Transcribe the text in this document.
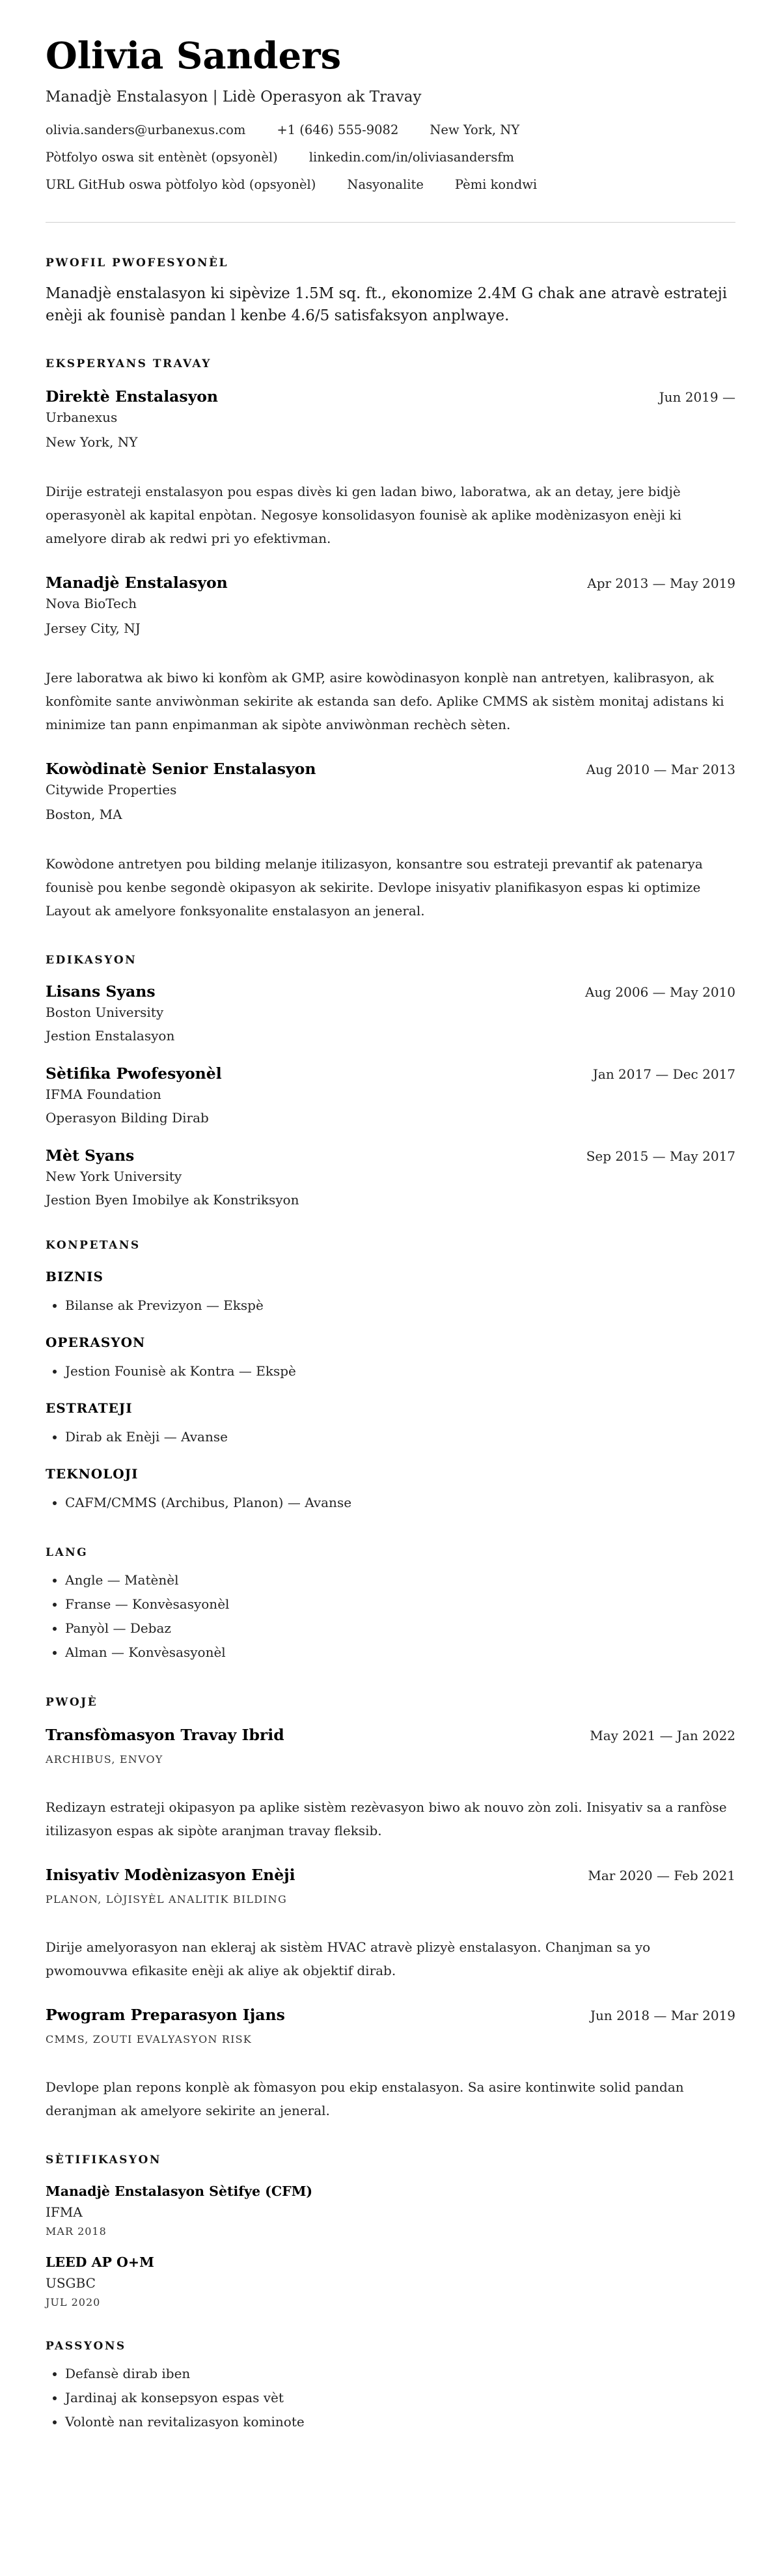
Olivia Sanders
Manadjè Enstalasyon | Lidè Operasyon ak Travay
olivia.sanders@urbanexus.com +1 (646) 555-9082 New York, NY
Pòtfolyo oswa sit entènèt (opsyonèl) linkedin.com/in/oliviasandersfm
URL GitHub oswa pòtfolyo kòd (opsyonèl) Nasyonalite Pèmi kondwi
PWOFIL PWOFESYONÈL
Manadjè enstalasyon ki sipèvize 1.5M sq. ft., ekonomize 2.4M G chak ane atravè estrateji enèji ak founisè pandan l kenbe 4.6/5 satisfaksyon anplwaye.
EKSPERYANS TRAVAY
Direktè Enstalasyon	Jun 2019 —
Urbanexus
New York, NY
Dirije estrateji enstalasyon pou espas divès ki gen ladan biwo, laboratwa, ak an detay, jere bidjè operasyonèl ak kapital enpòtan. Negosye konsolidasyon founisè ak aplike modènizasyon enèji ki amelyore dirab ak redwi pri yo efektivman.
Manadjè Enstalasyon	Apr 2013 — May 2019
Nova BioTech
Jersey City, NJ
Jere laboratwa ak biwo ki konfòm ak GMP, asire kowòdinasyon konplè nan antretyen, kalibrasyon, ak konfòmite sante anviwònman sekirite ak estanda san defo. Aplike CMMS ak sistèm monitaj adistans ki minimize tan pann enpimanman ak sipòte anviwònman rechèch sèten.
Kowòdinatè Senior Enstalasyon	Aug 2010 — Mar 2013
Citywide Properties
Boston, MA
Kowòdone antretyen pou bilding melanje itilizasyon, konsantre sou estrateji prevantif ak patenarya founisè pou kenbe segondè okipasyon ak sekirite. Devlope inisyativ planifikasyon espas ki optimize Layout ak amelyore fonksyonalite enstalasyon an jeneral.
EDIKASYON
Lisans Syans	Aug 2006 — May 2010
Boston University
Jestion Enstalasyon
Sètifika Pwofesyonèl	Jan 2017 — Dec 2017
IFMA Foundation
Operasyon Bilding Dirab
Mèt Syans	Sep 2015 — May 2017
New York University
Jestion Byen Imobilye ak Konstriksyon
KONPETANS
BIZNIS
• Bilanse ak Previzyon — Ekspè
OPERASYON
• Jestion Founisè ak Kontra — Ekspè
ESTRATEJI
• Dirab ak Enèji — Avanse
TEKNOLOJI
• CAFM/CMMS (Archibus, Planon) — Avanse
LANG
• Angle — Matènèl
• Franse — Konvèsasyonèl
• Panyòl — Debaz
• Alman — Konvèsasyonèl
PWOJÈ
Transfòmasyon Travay Ibrid	May 2021 — Jan 2022
ARCHIBUS, ENVOY
Redizayn estrateji okipasyon pa aplike sistèm rezèvasyon biwo ak nouvo zòn zoli. Inisyativ sa a ranfòse itilizasyon espas ak sipòte aranjman travay fleksib.
Inisyativ Modènizasyon Enèji	Mar 2020 — Feb 2021
PLANON, LÒJISYÈL ANALITIK BILDING
Dirije amelyorasyon nan ekleraj ak sistèm HVAC atravè plizyè enstalasyon. Chanjman sa yo pwomouvwa efikasite enèji ak aliye ak objektif dirab.
Pwogram Preparasyon Ijans	Jun 2018 — Mar 2019
CMMS, ZOUTI EVALYASYON RISK
Devlope plan repons konplè ak fòmasyon pou ekip enstalasyon. Sa asire kontinwite solid pandan deranjman ak amelyore sekirite an jeneral.
SÈTIFIKASYON
Manadjè Enstalasyon Sètifye (CFM)
IFMA
MAR 2018
LEED AP O+M
USGBC
JUL 2020
PASSYONS
• Defansè dirab iben
• Jardinaj ak konsepsyon espas vèt
• Volontè nan revitalizasyon kominote
